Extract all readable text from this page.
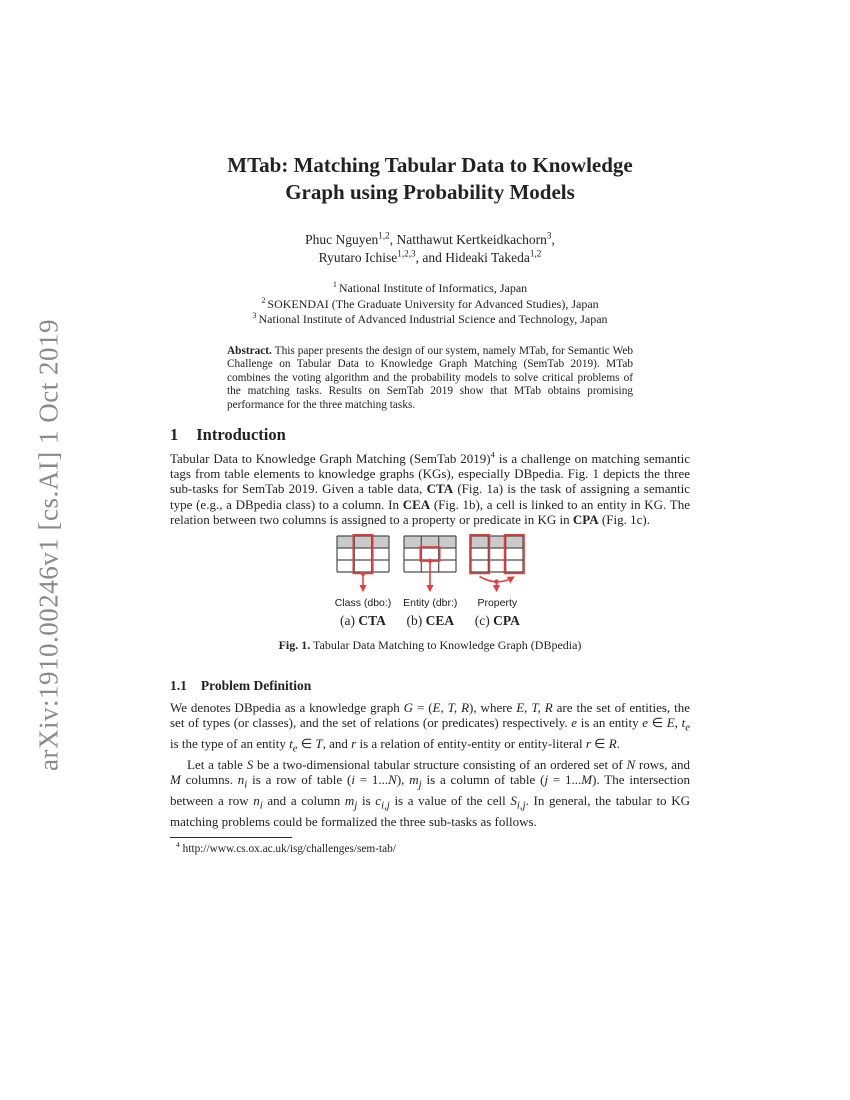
arXiv:1910.00246v1 [cs.AI] 1 Oct 2019
MTab: Matching Tabular Data to Knowledge
Graph using Probability Models
Phuc Nguyen$^{1,2}$, Natthawut Kertkeidkachorn$^3$,
Ryutaro Ichise$^{1,2,3}$, and Hideaki Takeda$^{1,2}$
$^1$ National Institute of Informatics, Japan
$^2$ SOKENDAI (The Graduate University for Advanced Studies), Japan
$^3$ National Institute of Advanced Industrial Science and Technology, Japan
Abstract. This paper presents the design of our system, namely MTab, for Semantic Web Challenge on Tabular Data to Knowledge Graph Matching (SemTab 2019). MTab combines the voting algorithm and the probability models to solve critical problems of the matching tasks. Results on SemTab 2019 show that MTab obtains promising performance for the three matching tasks.
1 Introduction

Tabular Data to Knowledge Graph Matching (SemTab 2019)$^4$ is a challenge on matching semantic tags from table elements to knowledge graphs (KGs), especially DBpedia. Fig. 1 depicts the three sub-tasks for SemTab 2019. Given a table data, CTA (Fig. 1a) is the task of assigning a semantic type (e.g., a DBpedia class) to a column. In CEA (Fig. 1b), a cell is linked to an entity in KG. The relation between two columns is assigned to a property or predicate in KG in CPA (Fig. 1c).

Class (dbo:)
(a) CTA
Entity (dbr:)
(b) CEA
Property
(c) CPA
Fig. 1. Tabular Data Matching to Knowledge Graph (DBpedia)
1.1 Problem Definition

We denotes DBpedia as a knowledge graph G = (E, T, R), where E, T, R are the set of entities, the set of types (or classes), and the set of relations (or predicates) respectively. e is an entity e ∈ E, $t_e$ is the type of an entity $t_e$ ∈ T, and r is a relation of entity-entity or entity-literal r ∈ R.

Let a table S be a two-dimensional tabular structure consisting of an ordered set of N rows, and M columns. $n_i$ is a row of table (i = 1...N), $m_j$ is a column of table (j = 1...M). The intersection between a row $n_i$ and a column $m_j$ is $c_{i,j}$ is a value of the cell $S_{i,j}$. In general, the tabular to KG matching problems could be formalized the three sub-tasks as follows.

$^4$ http://www.cs.ox.ac.uk/isg/challenges/sem-tab/
